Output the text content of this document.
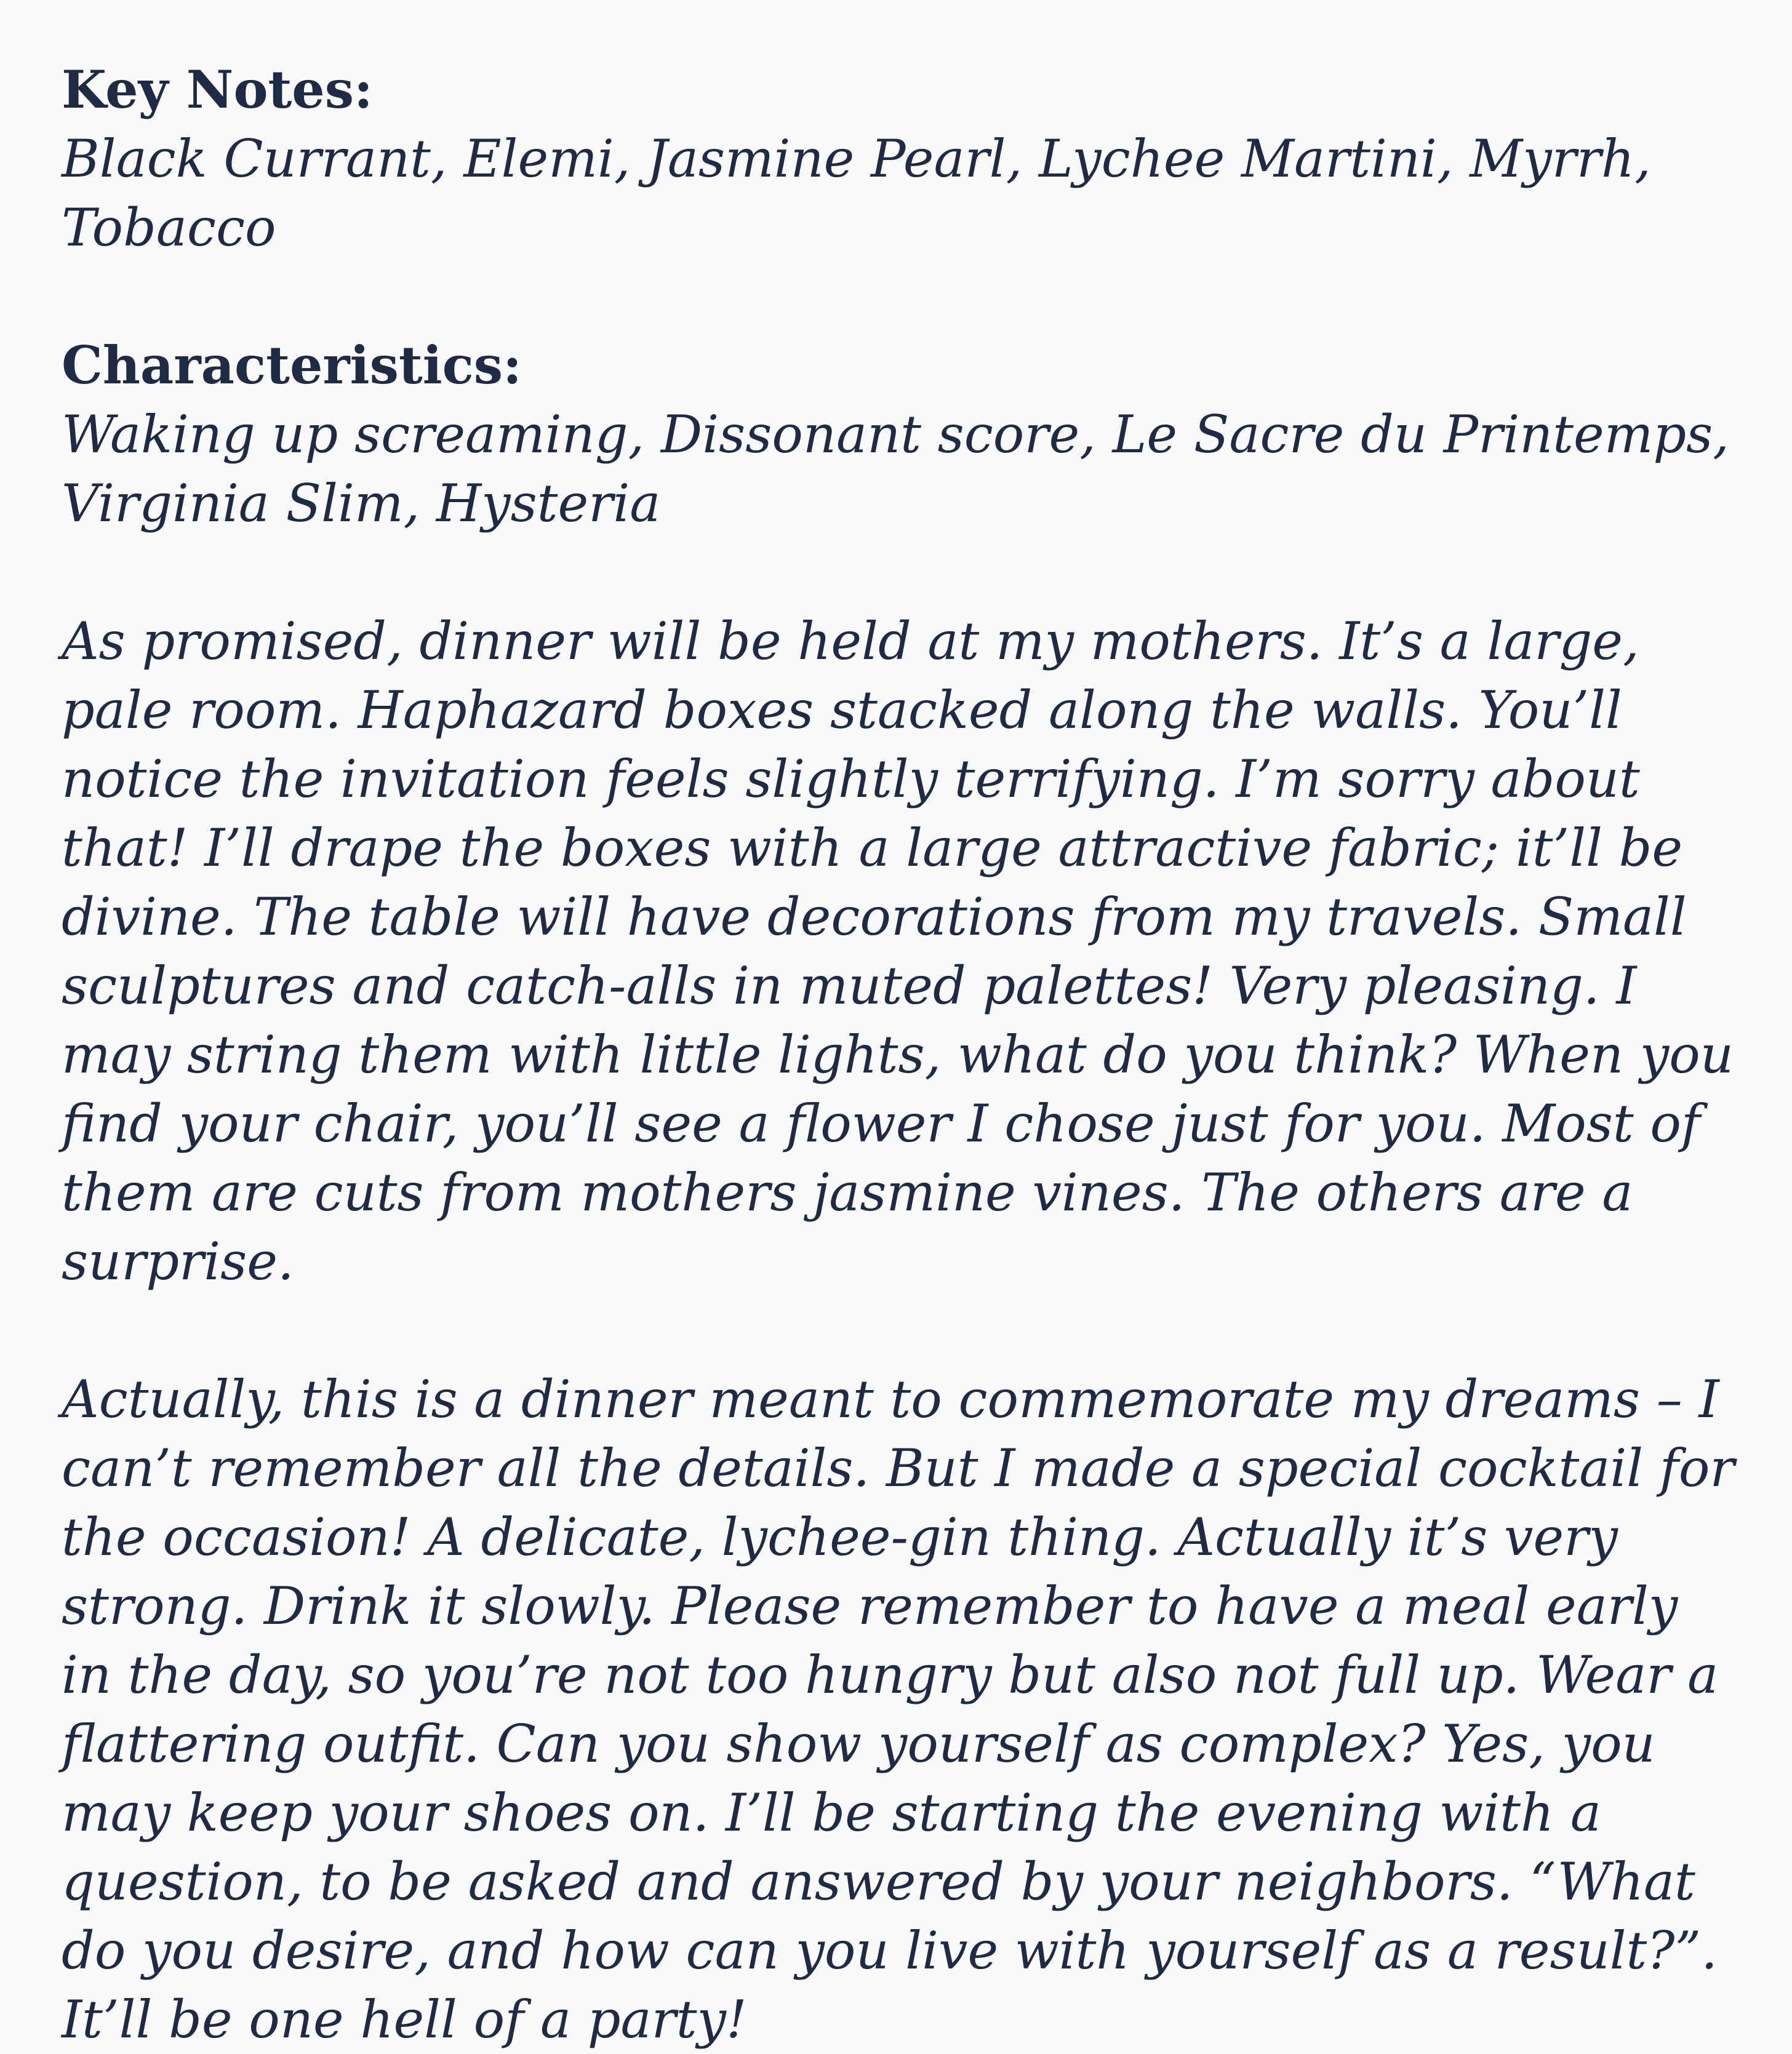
Key Notes:

Black Currant, Elemi, Jasmine Pearl, Lychee Martini, Myrrh, Tobacco

Characteristics:

Waking up screaming, Dissonant score, Le Sacre du Printemps, Virginia Slim, Hysteria

As promised, dinner will be held at my mothers. It’s a large, pale room. Haphazard boxes stacked along the walls. You’ll notice the invitation feels slightly terrifying. I’m sorry about that! I’ll drape the boxes with a large attractive fabric; it’ll be divine. The table will have decorations from my travels. Small sculptures and catch-alls in muted palettes! Very pleasing. I may string them with little lights, what do you think? When you find your chair, you’ll see a flower I chose just for you. Most of them are cuts from mothers jasmine vines. The others are a surprise.

Actually, this is a dinner meant to commemorate my dreams – I can’t remember all the details. But I made a special cocktail for the occasion! A delicate, lychee-gin thing. Actually it’s very strong. Drink it slowly. Please remember to have a meal early in the day, so you’re not too hungry but also not full up. Wear a flattering outfit. Can you show yourself as complex? Yes, you may keep your shoes on. I’ll be starting the evening with a question, to be asked and answered by your neighbors. “What do you desire, and how can you live with yourself as a result?”. It’ll be one hell of a party!
